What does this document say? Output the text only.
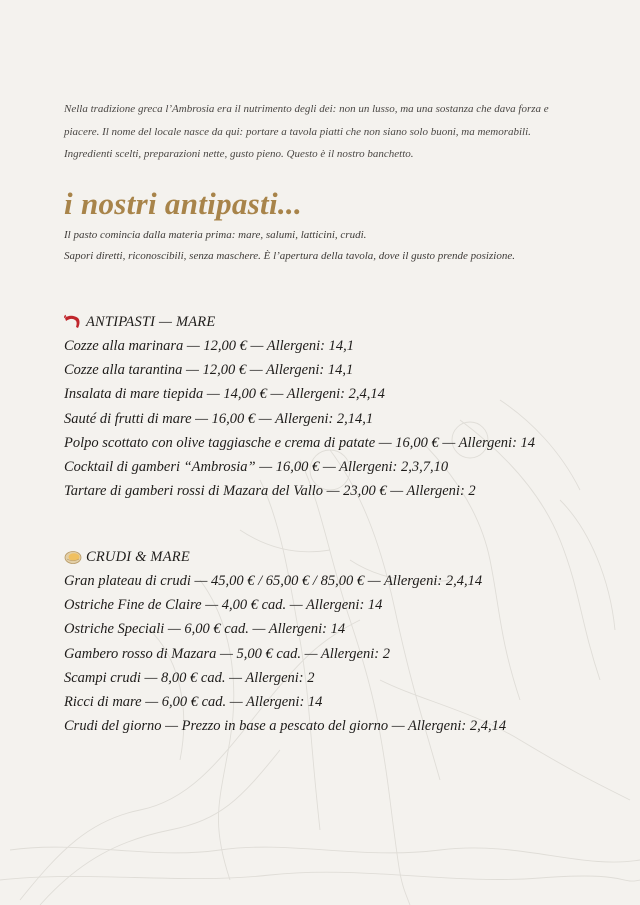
Nella tradizione greca l’Ambrosia era il nutrimento degli dei: non un lusso, ma una sostanza che dava forza e
piacere. Il nome del locale nasce da qui: portare a tavola piatti che non siano solo buoni, ma memorabili.
Ingredienti scelti, preparazioni nette, gusto pieno. Questo è il nostro banchetto.
i nostri antipasti...
Il pasto comincia dalla materia prima: mare, salumi, latticini, crudi.
Sapori diretti, riconoscibili, senza maschere. È l’apertura della tavola, dove il gusto prende posizione.
ANTIPASTI — MARE
Cozze alla marinara — 12,00 € — Allergeni: 14,1
Cozze alla tarantina — 12,00 € — Allergeni: 14,1
Insalata di mare tiepida — 14,00 € — Allergeni: 2,4,14
Sauté di frutti di mare — 16,00 € — Allergeni: 2,14,1
Polpo scottato con olive taggiasche e crema di patate — 16,00 € — Allergeni: 14
Cocktail di gamberi “Ambrosia” — 16,00 € — Allergeni: 2,3,7,10
Tartare di gamberi rossi di Mazara del Vallo — 23,00 € — Allergeni: 2
CRUDI & MARE
Gran plateau di crudi — 45,00 € / 65,00 € / 85,00 € — Allergeni: 2,4,14
Ostriche Fine de Claire — 4,00 € cad. — Allergeni: 14
Ostriche Speciali — 6,00 € cad. — Allergeni: 14
Gambero rosso di Mazara — 5,00 € cad. — Allergeni: 2
Scampi crudi — 8,00 € cad. — Allergeni: 2
Ricci di mare — 6,00 € cad. — Allergeni: 14
Crudi del giorno — Prezzo in base a pescato del giorno — Allergeni: 2,4,14
